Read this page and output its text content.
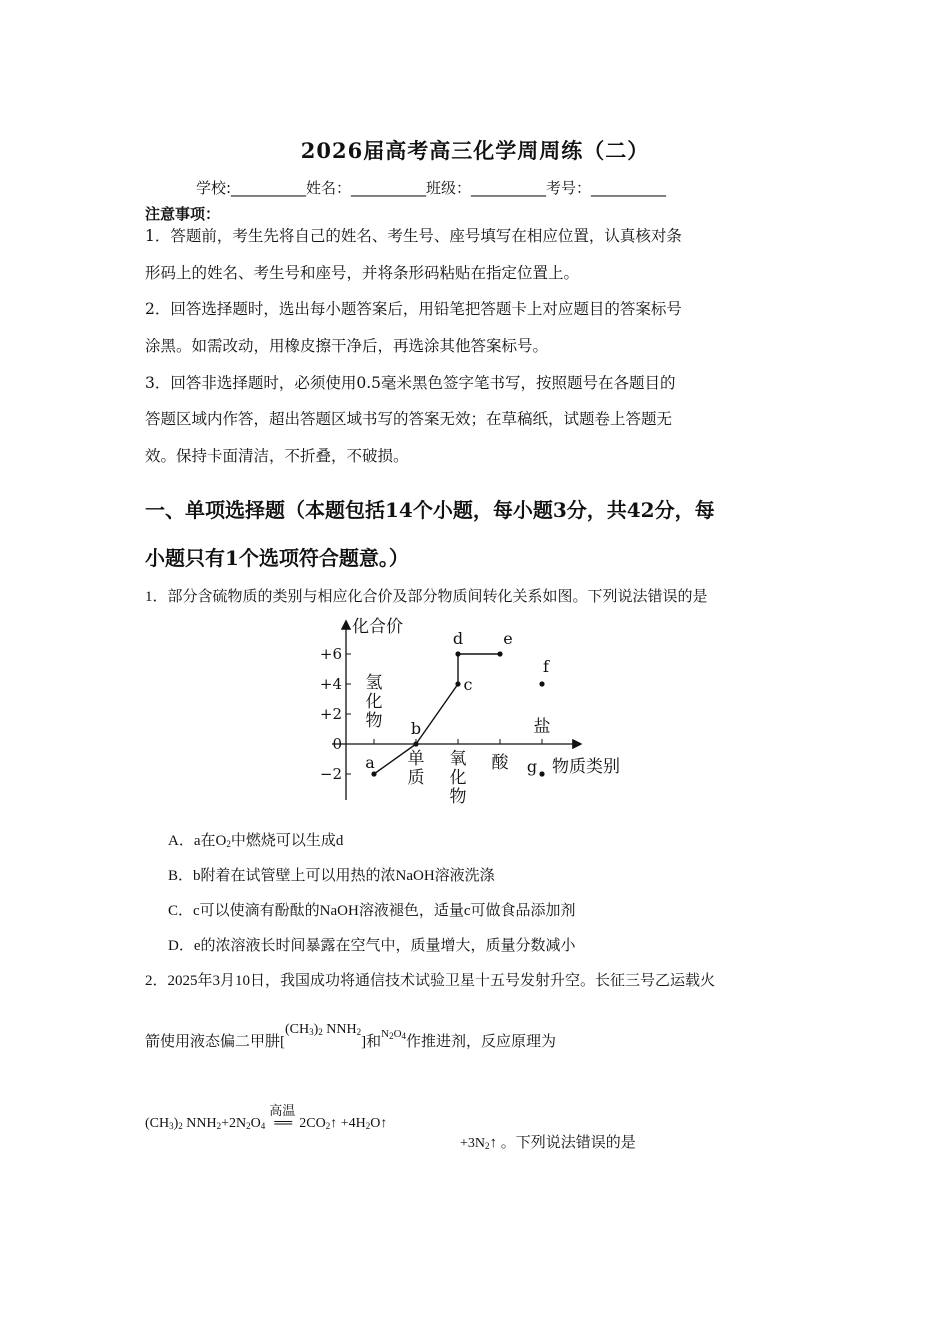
2026届高考高三化学周周练（二）
学校:__________姓名：__________班级：__________考号：__________
注意事项：
1．答题前，考生先将自己的姓名、考生号、座号填写在相应位置，认真核对条
形码上的姓名、考生号和座号，并将条形码粘贴在指定位置上。
2．回答选择题时，选出每小题答案后，用铅笔把答题卡上对应题目的答案标号
涂黑。如需改动，用橡皮擦干净后，再选涂其他答案标号。
3．回答非选择题时，必须使用0.5毫米黑色签字笔书写，按照题号在各题目的
答题区域内作答，超出答题区域书写的答案无效；在草稿纸，试题卷上答题无
效。保持卡面清洁，不折叠，不破损。
一、单项选择题（本题包括14个小题，每小题3分，共42分，每
小题只有1个选项符合题意。）
1．部分含硫物质的类别与相应化合价及部分物质间转化关系如图。下列说法错误的是
+6
+4
+2
0
−2
化合价
物质类别
氢
化
物
单
质
氧
化
物
酸
盐
a
b
c
d	e
f
g
A．a在$O_2$中燃烧可以生成d
B．b附着在试管壁上可以用热的浓NaOH溶液洗涤
C．c可以使滴有酚酞的NaOH溶液褪色，适量c可做食品添加剂
D．e的浓溶液长时间暴露在空气中，质量增大，质量分数减小
2．2025年3月10日，我国成功将通信技术试验卫星十五号发射升空。长征三号乙运载火
箭使用液态偏二甲肼[$(CH_3)_2$ $NNH_2$]和$^{N_2O_4}$作推进剂，反应原理为
$(CH_3)_2$ $NNH_2+2N_2O_4$
高温
══ $2CO_2↑$ $+4H_2O↑$
$+3N_2↑$ 。下列说法错误的是
